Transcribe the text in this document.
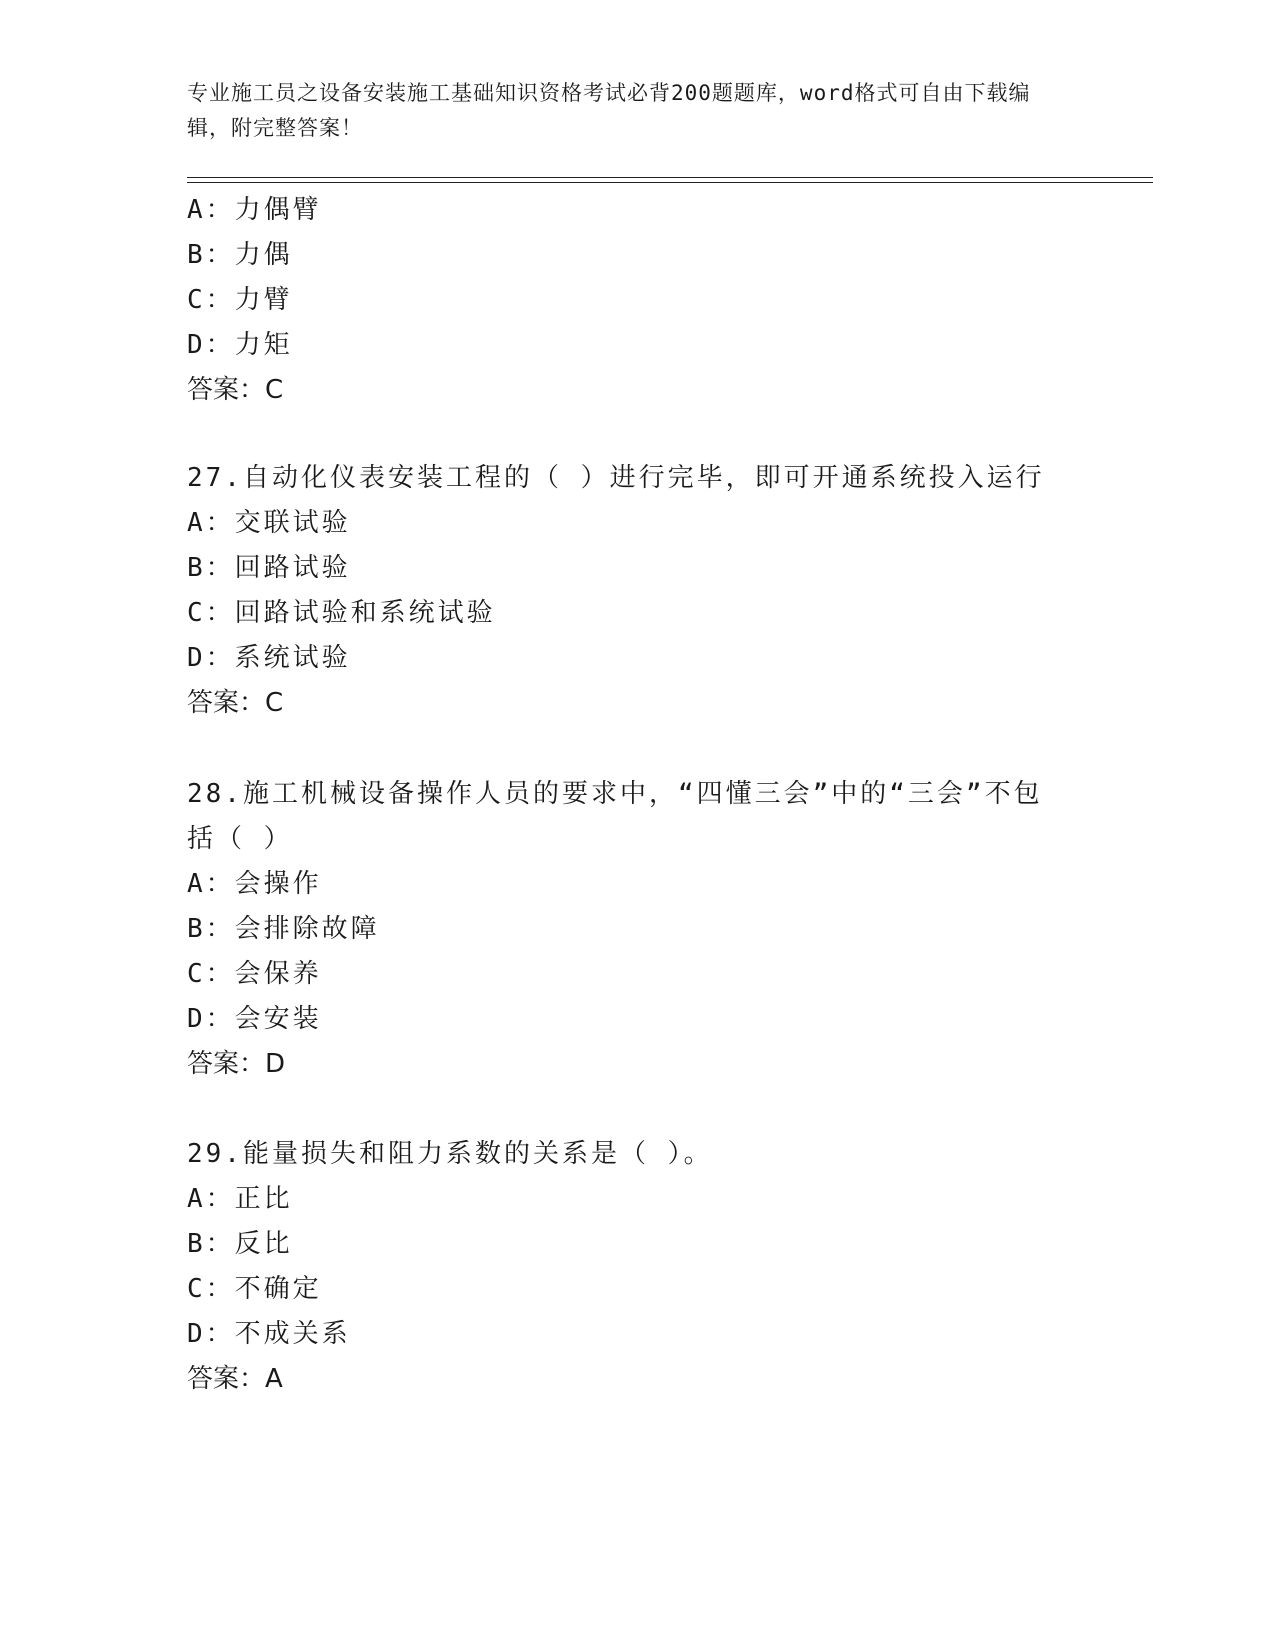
专业施工员之设备安装施工基础知识资格考试必背200题题库，word格式可自由下载编辑，附完整答案！
A：力偶臂
B：力偶
C：力臂
D：力矩
答案：C
27.自动化仪表安装工程的（ ）进行完毕，即可开通系统投入运行
A：交联试验
B：回路试验
C：回路试验和系统试验
D：系统试验
答案：C
28.施工机械设备操作人员的要求中，“四懂三会”中的“三会”不包
括（ ）
A：会操作
B：会排除故障
C：会保养
D：会安装
答案：D
29.能量损失和阻力系数的关系是（ ）。
A：正比
B：反比
C：不确定
D：不成关系
答案：A
